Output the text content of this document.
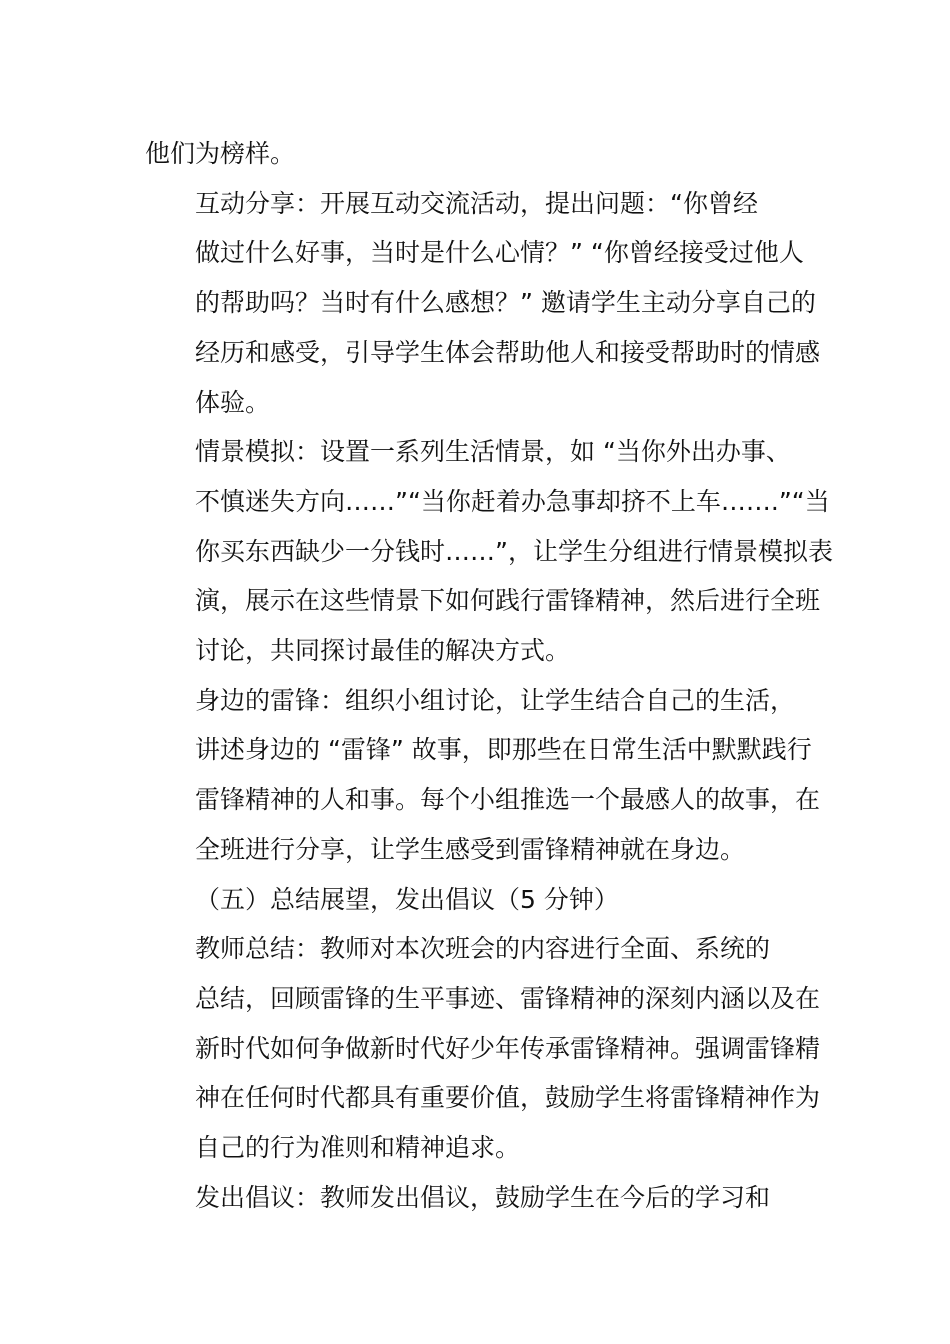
他们为榜样。

互动分享：开展互动交流活动，提出问题：“你曾经
做过什么好事，当时是什么心情？” “你曾经接受过他人
的帮助吗？当时有什么感想？” 邀请学生主动分享自己的
经历和感受，引导学生体会帮助他人和接受帮助时的情感
体验。

情景模拟：设置一系列生活情景，如 “当你外出办事、
不慎迷失方向……”“当你赶着办急事却挤不上车…….”“当
你买东西缺少一分钱时……”，让学生分组进行情景模拟表
演，展示在这些情景下如何践行雷锋精神，然后进行全班
讨论，共同探讨最佳的解决方式。

身边的雷锋：组织小组讨论，让学生结合自己的生活，
讲述身边的 “雷锋” 故事，即那些在日常生活中默默践行
雷锋精神的人和事。每个小组推选一个最感人的故事，在
全班进行分享，让学生感受到雷锋精神就在身边。

（五）总结展望，发出倡议（5 分钟）

教师总结：教师对本次班会的内容进行全面、系统的
总结，回顾雷锋的生平事迹、雷锋精神的深刻内涵以及在
新时代如何争做新时代好少年传承雷锋精神。强调雷锋精
神在任何时代都具有重要价值，鼓励学生将雷锋精神作为
自己的行为准则和精神追求。

发出倡议：教师发出倡议，鼓励学生在今后的学习和
